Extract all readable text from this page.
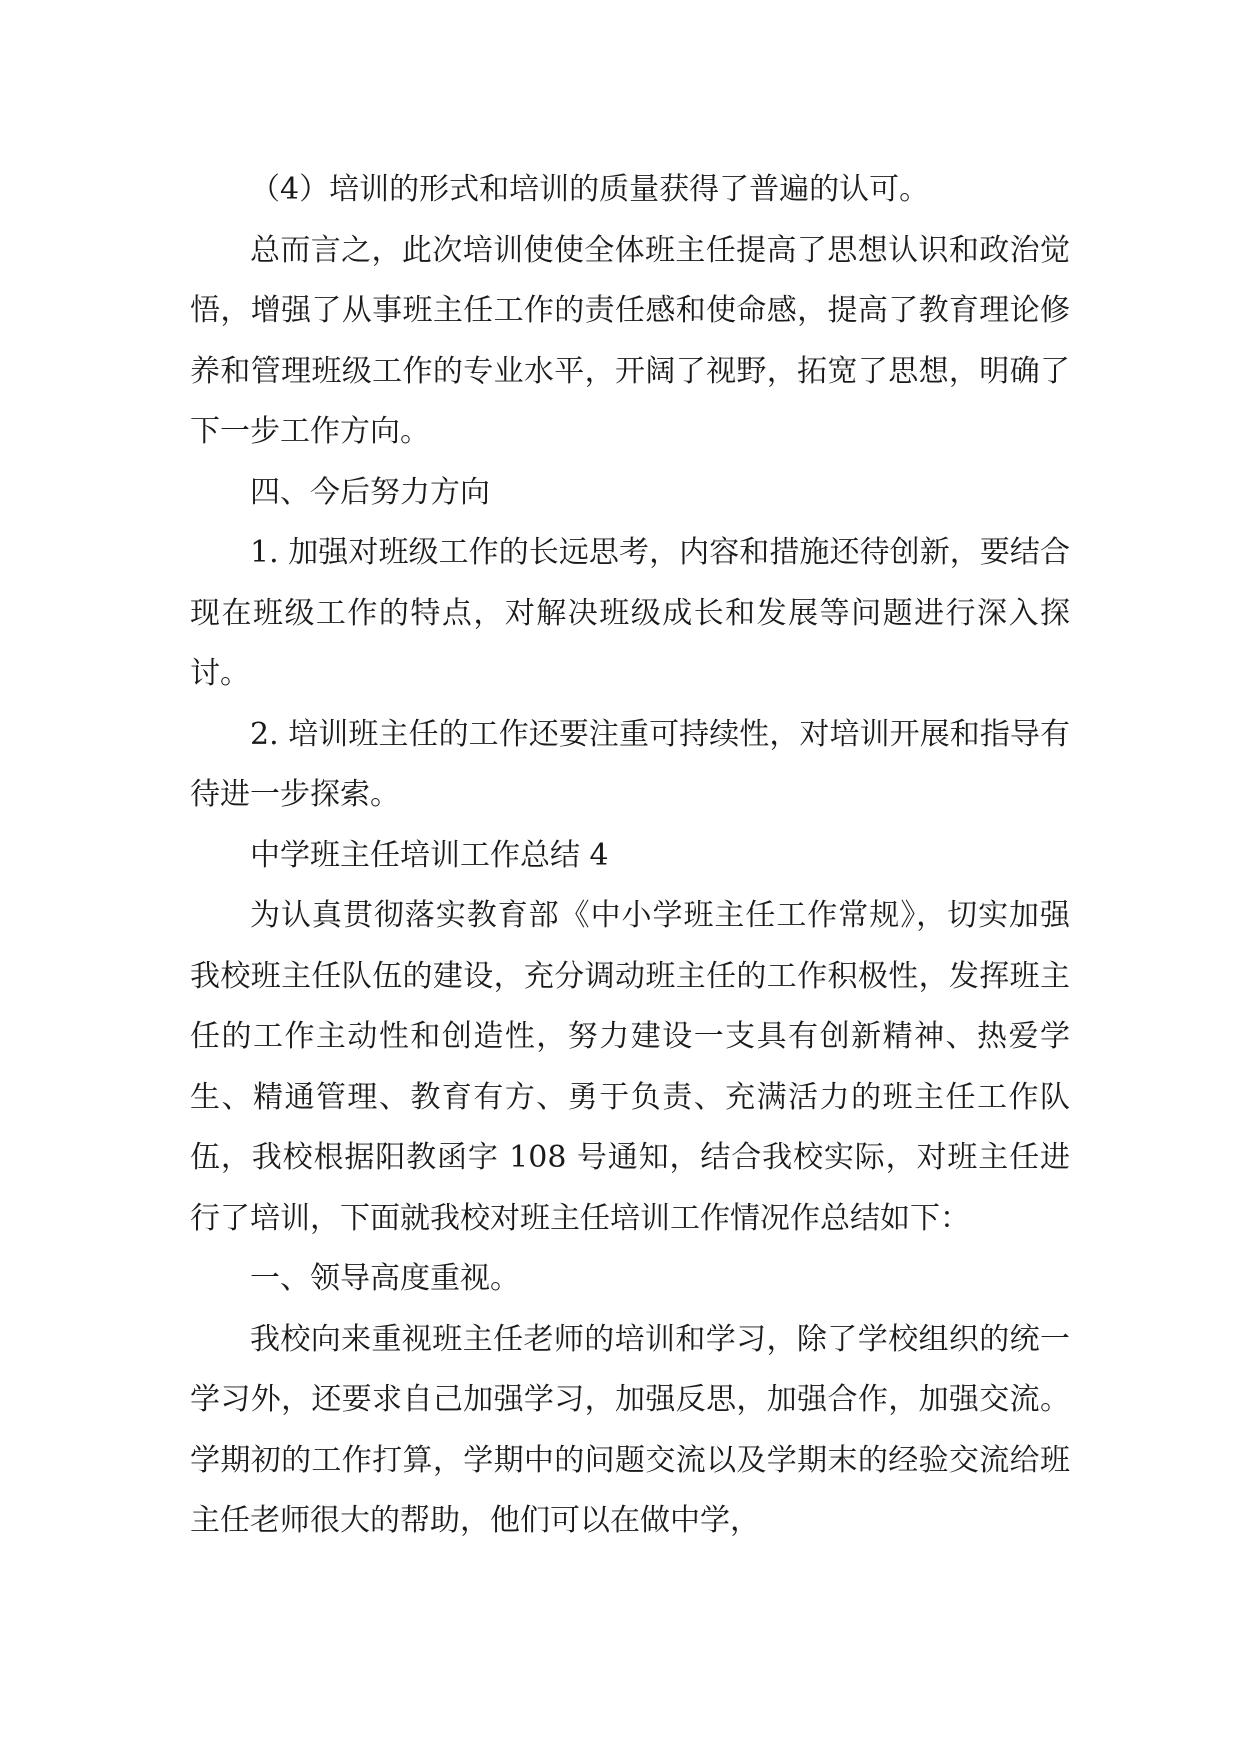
（4）培训的形式和培训的质量获得了普遍的认可。

总而言之，此次培训使使全体班主任提高了思想认识和政治觉悟，增强了从事班主任工作的责任感和使命感，提高了教育理论修养和管理班级工作的专业水平，开阔了视野，拓宽了思想，明确了下一步工作方向。

四、今后努力方向

1. 加强对班级工作的长远思考，内容和措施还待创新，要结合现在班级工作的特点，对解决班级成长和发展等问题进行深入探讨。

2. 培训班主任的工作还要注重可持续性，对培训开展和指导有待进一步探索。

中学班主任培训工作总结 4

为认真贯彻落实教育部《中小学班主任工作常规》，切实加强我校班主任队伍的建设，充分调动班主任的工作积极性，发挥班主任的工作主动性和创造性，努力建设一支具有创新精神、热爱学生、精通管理、教育有方、勇于负责、充满活力的班主任工作队伍，我校根据阳教函字 108 号通知，结合我校实际，对班主任进行了培训，下面就我校对班主任培训工作情况作总结如下：

一、领导高度重视。

我校向来重视班主任老师的培训和学习，除了学校组织的统一学习外，还要求自己加强学习，加强反思，加强合作，加强交流。学期初的工作打算，学期中的问题交流以及学期末的经验交流给班主任老师很大的帮助，他们可以在做中学，
